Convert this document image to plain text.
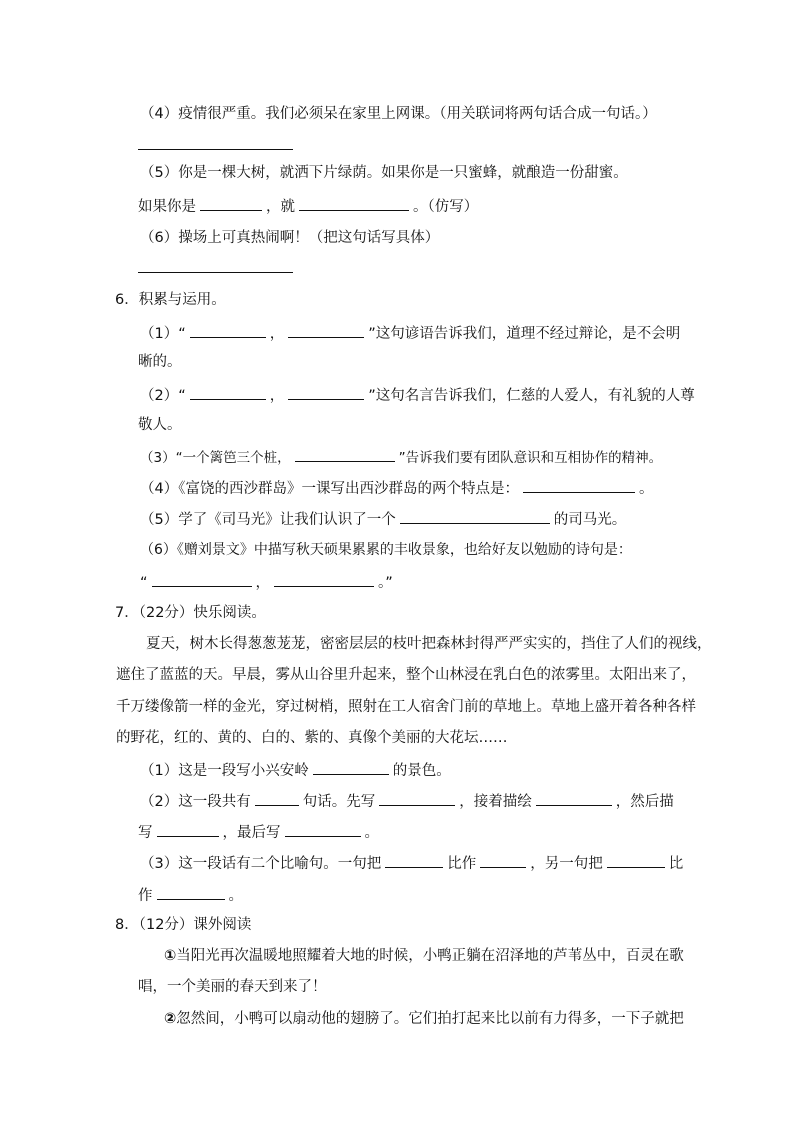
（4）疫情很严重。我们必须呆在家里上网课。（用关联词将两句话合成一句话。）
（5）你是一棵大树，就洒下片绿荫。如果你是一只蜜蜂，就酿造一份甜蜜。
如果你是	，就	。（仿写）
（6）操场上可真热闹啊！（把这句话写具体）
6．积累与运用。
（1）“	，	”这句谚语告诉我们，道理不经过辩论，是不会明
晰的。
（2）“	，	”这句名言告诉我们，仁慈的人爱人，有礼貌的人尊
敬人。
（3）“一个篱笆三个桩，	”告诉我们要有团队意识和互相协作的精神。
（4）《富饶的西沙群岛》一课写出西沙群岛的两个特点是：	。
（5）学了《司马光》让我们认识了一个	的司马光。
（6）《赠刘景文》中描写秋天硕果累累的丰收景象，也给好友以勉励的诗句是：
“	，	。”
7．（22分）快乐阅读。
夏天，树木长得葱葱茏茏，密密层层的枝叶把森林封得严严实实的，挡住了人们的视线，
遮住了蓝蓝的天。早晨，雾从山谷里升起来，整个山林浸在乳白色的浓雾里。太阳出来了，
千万缕像箭一样的金光，穿过树梢，照射在工人宿舍门前的草地上。草地上盛开着各种各样
的野花，红的、黄的、白的、紫的、真像个美丽的大花坛……
（1）这是一段写小兴安岭	的景色。
（2）这一段共有	句话。先写	，接着描绘	，然后描
写	，最后写	。
（3）这一段话有二个比喻句。一句把	比作	，另一句把	比
作	。
8．（12分）课外阅读
①当阳光再次温暖地照耀着大地的时候，小鸭正躺在沼泽地的芦苇丛中，百灵在歌
唱，一个美丽的春天到来了！
②忽然间，小鸭可以扇动他的翅膀了。它们拍打起来比以前有力得多，一下子就把
